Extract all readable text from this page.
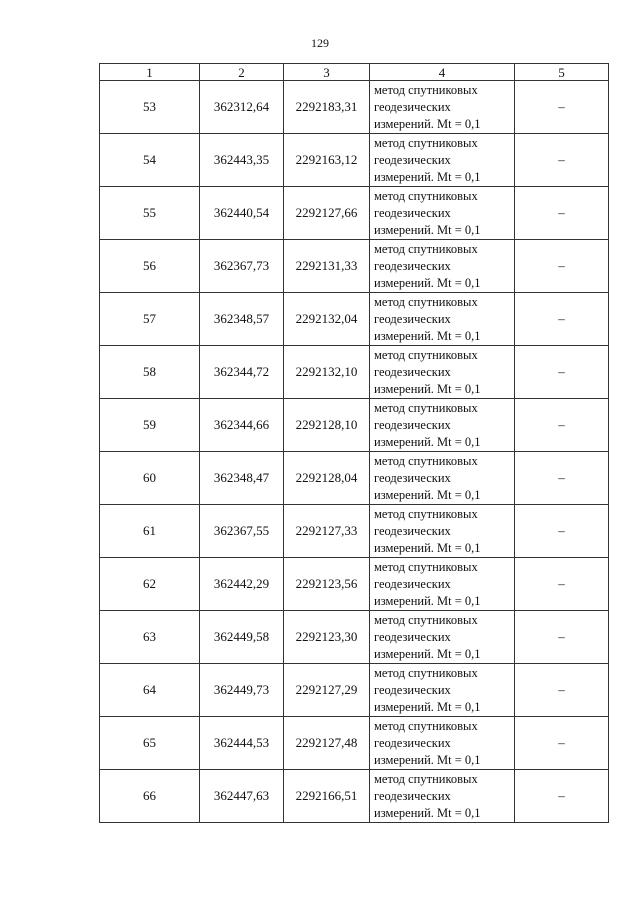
129
1	2	3	4	5
53	362312,64	2292183,31	метод спутниковых
геодезических
измерений. Mt = 0,1	–
54	362443,35	2292163,12	метод спутниковых
геодезических
измерений. Mt = 0,1	–
55	362440,54	2292127,66	метод спутниковых
геодезических
измерений. Mt = 0,1	–
56	362367,73	2292131,33	метод спутниковых
геодезических
измерений. Mt = 0,1	–
57	362348,57	2292132,04	метод спутниковых
геодезических
измерений. Mt = 0,1	–
58	362344,72	2292132,10	метод спутниковых
геодезических
измерений. Mt = 0,1	–
59	362344,66	2292128,10	метод спутниковых
геодезических
измерений. Mt = 0,1	–
60	362348,47	2292128,04	метод спутниковых
геодезических
измерений. Mt = 0,1	–
61	362367,55	2292127,33	метод спутниковых
геодезических
измерений. Mt = 0,1	–
62	362442,29	2292123,56	метод спутниковых
геодезических
измерений. Mt = 0,1	–
63	362449,58	2292123,30	метод спутниковых
геодезических
измерений. Mt = 0,1	–
64	362449,73	2292127,29	метод спутниковых
геодезических
измерений. Mt = 0,1	–
65	362444,53	2292127,48	метод спутниковых
геодезических
измерений. Mt = 0,1	–
66	362447,63	2292166,51	метод спутниковых
геодезических
измерений. Mt = 0,1	–
